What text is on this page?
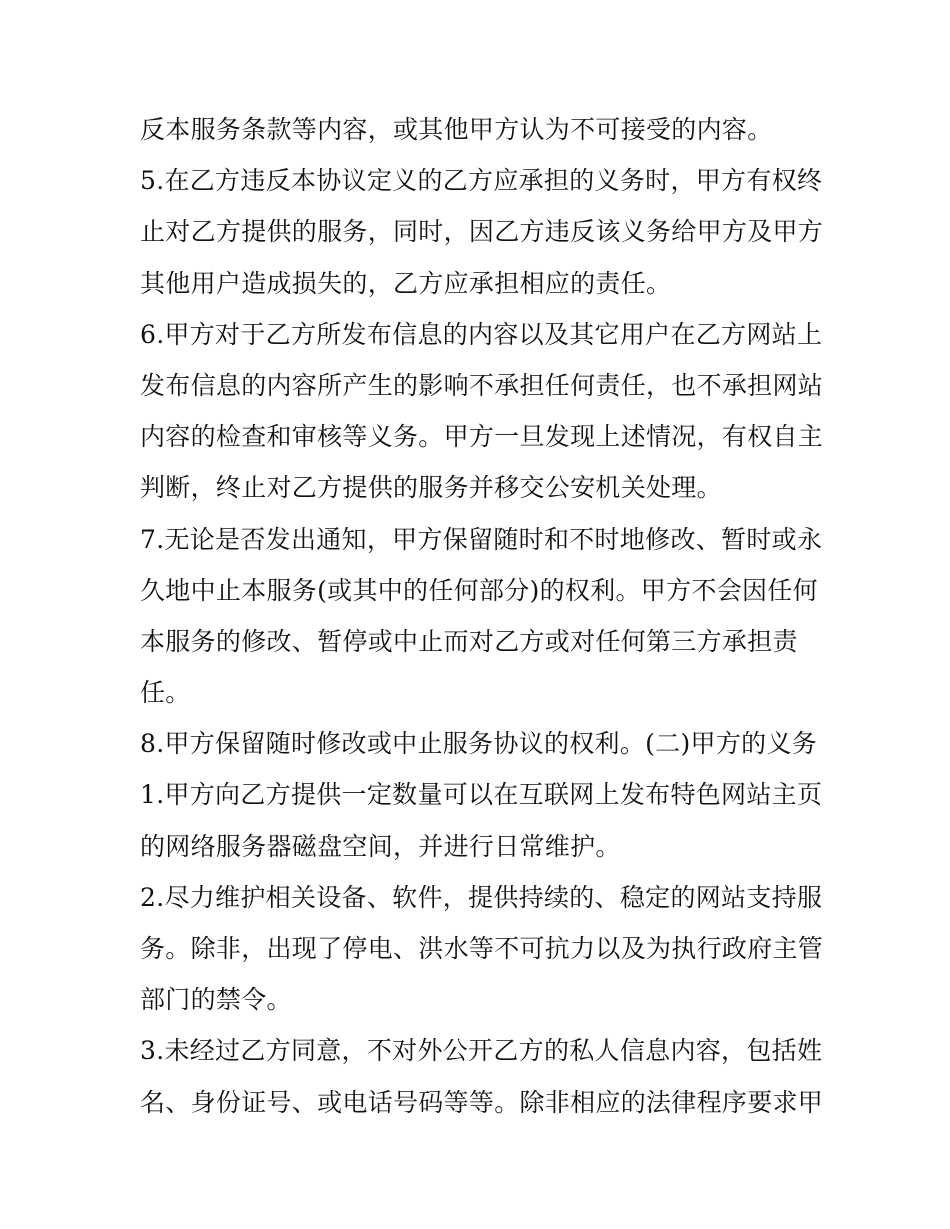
反本服务条款等内容，或其他甲方认为不可接受的内容。
5.在乙方违反本协议定义的乙方应承担的义务时，甲方有权终
止对乙方提供的服务，同时，因乙方违反该义务给甲方及甲方
其他用户造成损失的，乙方应承担相应的责任。
6.甲方对于乙方所发布信息的内容以及其它用户在乙方网站上
发布信息的内容所产生的影响不承担任何责任，也不承担网站
内容的检查和审核等义务。甲方一旦发现上述情况，有权自主
判断，终止对乙方提供的服务并移交公安机关处理。
7.无论是否发出通知，甲方保留随时和不时地修改、暂时或永
久地中止本服务(或其中的任何部分)的权利。甲方不会因任何
本服务的修改、暂停或中止而对乙方或对任何第三方承担责
任。
8.甲方保留随时修改或中止服务协议的权利。(二)甲方的义务
1.甲方向乙方提供一定数量可以在互联网上发布特色网站主页
的网络服务器磁盘空间，并进行日常维护。
2.尽力维护相关设备、软件，提供持续的、稳定的网站支持服
务。除非，出现了停电、洪水等不可抗力以及为执行政府主管
部门的禁令。
3.未经过乙方同意，不对外公开乙方的私人信息内容，包括姓
名、身份证号、或电话号码等等。除非相应的法律程序要求甲
